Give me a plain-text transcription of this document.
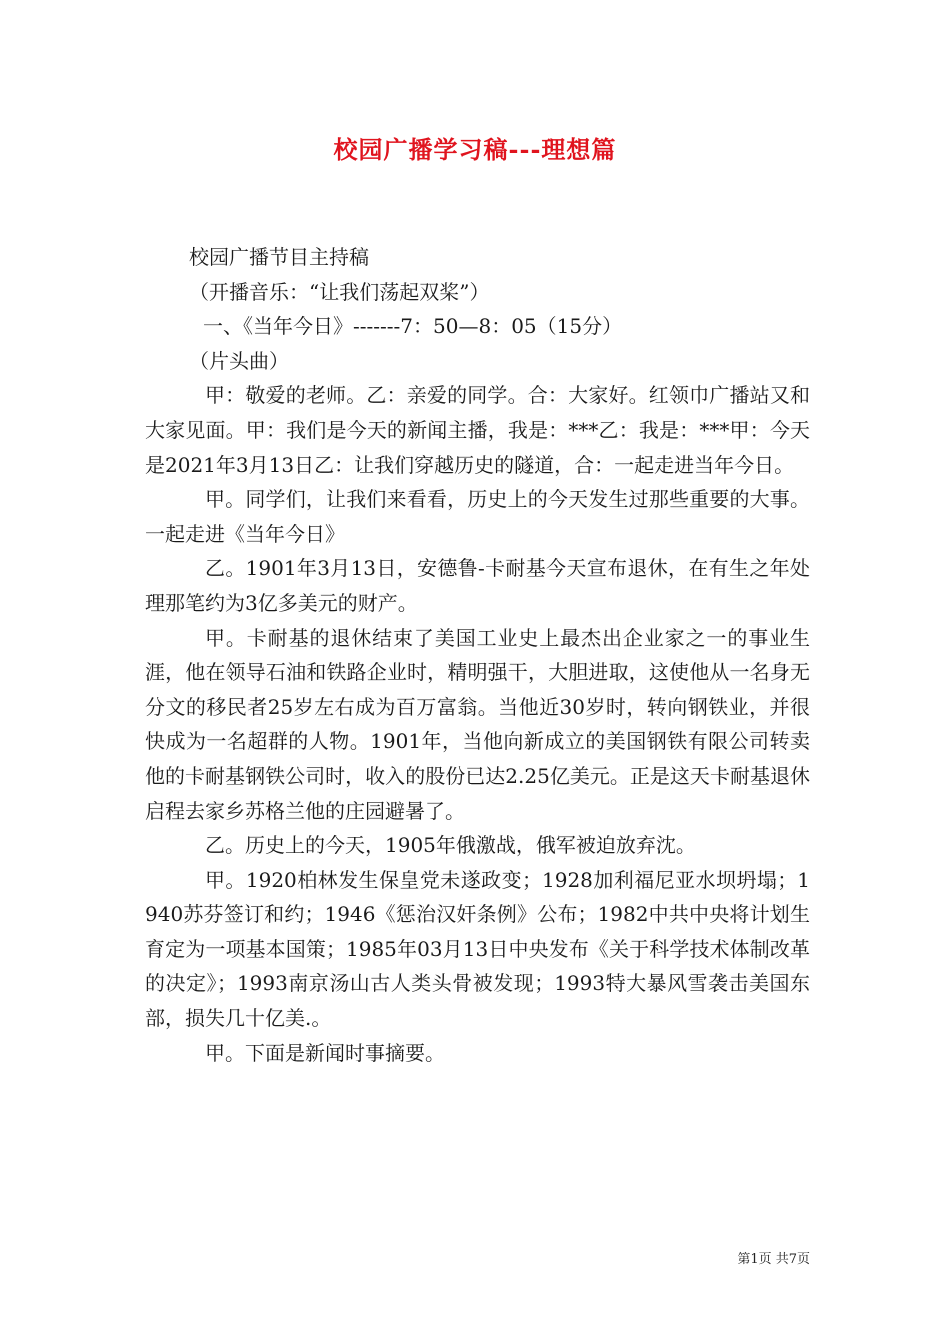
校园广播学习稿---理想篇

校园广播节目主持稿

（开播音乐：“让我们荡起双桨”）

一、《当年今日》-------7：50—8：05（15分）

（片头曲）

甲：敬爱的老师。乙：亲爱的同学。合：大家好。红领巾广播站又和大家见面。甲：我们是今天的新闻主播，我是：***乙：我是：***甲：今天是2021年3月13日乙：让我们穿越历史的隧道，合：一起走进当年今日。

甲。同学们，让我们来看看，历史上的今天发生过那些重要的大事。一起走进《当年今日》

乙。1901年3月13日，安德鲁-卡耐基今天宣布退休，在有生之年处理那笔约为3亿多美元的财产。

甲。卡耐基的退休结束了美国工业史上最杰出企业家之一的事业生涯，他在领导石油和铁路企业时，精明强干，大胆进取，这使他从一名身无分文的移民者25岁左右成为百万富翁。当他近30岁时，转向钢铁业，并很快成为一名超群的人物。1901年，当他向新成立的美国钢铁有限公司转卖他的卡耐基钢铁公司时，收入的股份已达2.25亿美元。正是这天卡耐基退休启程去家乡苏格兰他的庄园避暑了。

乙。历史上的今天，1905年俄激战，俄军被迫放弃沈。

甲。1920柏林发生保皇党未遂政变；1928加利福尼亚水坝坍塌；1940苏芬签订和约；1946《惩治汉奸条例》公布；1982中共中央将计划生育定为一项基本国策；1985年03月13日中央发布《关于科学技术体制改革的决定》；1993南京汤山古人类头骨被发现；1993特大暴风雪袭击美国东部，损失几十亿美.。

甲。下面是新闻时事摘要。

第1页 共7页
